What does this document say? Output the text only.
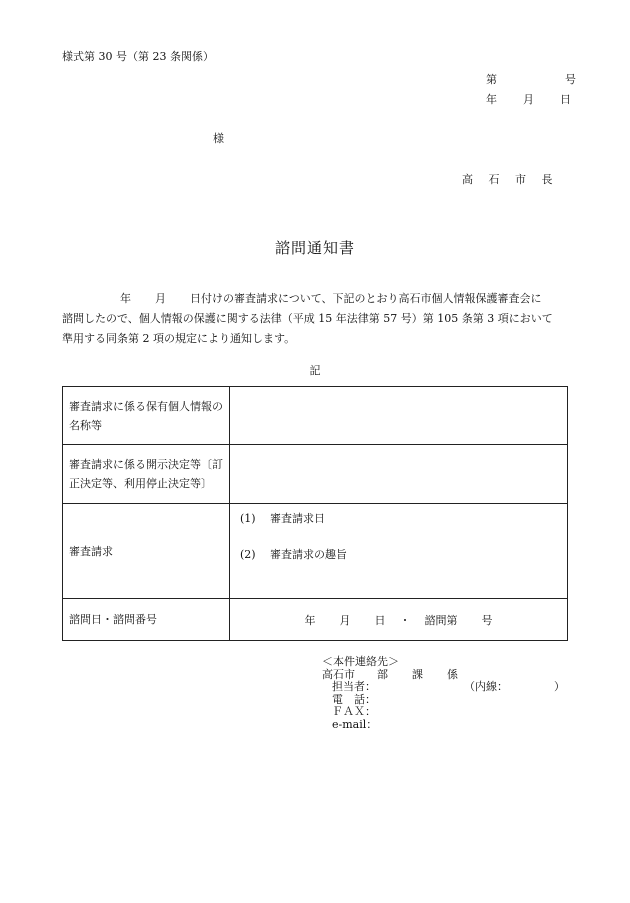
様式第 30 号（第 23 条関係）
第	号
年 月 日
様
高 石 市 長
諮問通知書

年 月 日付けの審査請求について、下記のとおり高石市個人情報保護審査会に

諮問したので、個人情報の保護に関する法律（平成 15 年法律第 57 号）第 105 条第 3 項において

準用する同条第 2 項の規定により通知します。

記
審査請求に係る保有個人情報の名称等	
審査請求に係る開示決定等〔訂正決定等、利用停止決定等〕	
審査請求	(1) 審査請求日
(2) 審査請求の趣旨

諮問日・諮問番号	年 月 日 ・ 諮問第 号
＜本件連絡先＞
高石市 部 課 係
担当者：	（内線：	）
電　話：
ＦＡＸ：
e-mail：
